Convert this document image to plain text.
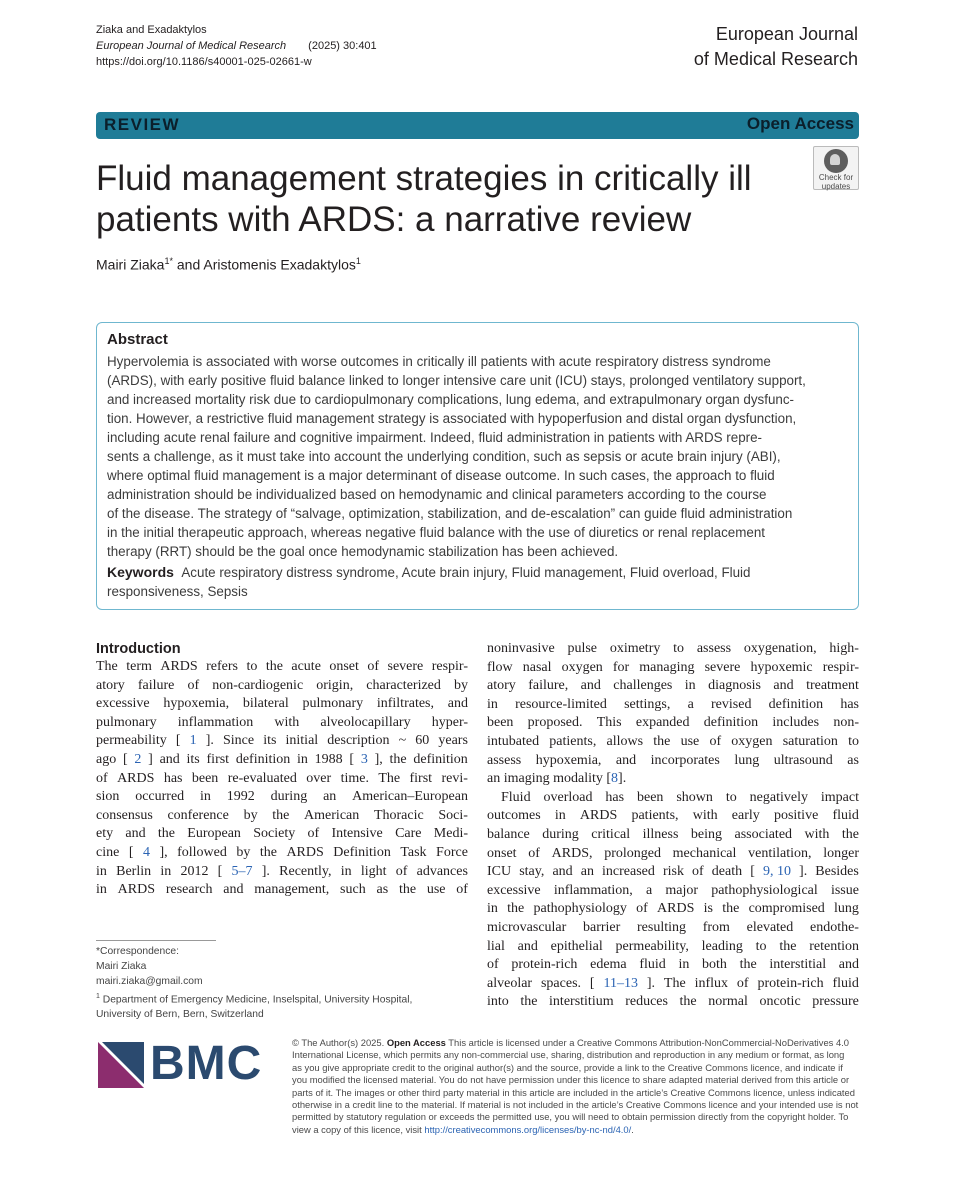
Ziaka and Exadaktylos
European Journal of Medical Research (2025) 30:401
https://doi.org/10.1186/s40001-025-02661-w
European Journal
of Medical Research
REVIEW	Open Access
Fluid management strategies in critically ill
patients with ARDS: a narrative review
Check for
updates
Mairi Ziaka$^{1*}$ and Aristomenis Exadaktylos$^1$
Abstract
Hypervolemia is associated with worse outcomes in critically ill patients with acute respiratory distress syndrome
(ARDS), with early positive fluid balance linked to longer intensive care unit (ICU) stays, prolonged ventilatory support,
and increased mortality risk due to cardiopulmonary complications, lung edema, and extrapulmonary organ dysfunc-
tion. However, a restrictive fluid management strategy is associated with hypoperfusion and distal organ dysfunction,
including acute renal failure and cognitive impairment. Indeed, fluid administration in patients with ARDS repre-
sents a challenge, as it must take into account the underlying condition, such as sepsis or acute brain injury (ABI),
where optimal fluid management is a major determinant of disease outcome. In such cases, the approach to fluid
administration should be individualized based on hemodynamic and clinical parameters according to the course
of the disease. The strategy of “salvage, optimization, stabilization, and de-escalation” can guide fluid administration
in the initial therapeutic approach, whereas negative fluid balance with the use of diuretics or renal replacement
therapy (RRT) should be the goal once hemodynamic stabilization has been achieved.
Keywords Acute respiratory distress syndrome, Acute brain injury, Fluid management, Fluid overload, Fluid
responsiveness, Sepsis
Introduction
The term ARDS refers to the acute onset of severe respir-
atory failure of non-cardiogenic origin, characterized by
excessive hypoxemia, bilateral pulmonary infiltrates, and
pulmonary inflammation with alveolocapillary hyper-
permeability [ 1 ]. Since its initial description ~ 60 years
ago [ 2 ] and its first definition in 1988 [ 3 ], the definition
of ARDS has been re-evaluated over time. The first revi-
sion occurred in 1992 during an American–European
consensus conference by the American Thoracic Soci-
ety and the European Society of Intensive Care Medi-
cine [ 4 ], followed by the ARDS Definition Task Force
in Berlin in 2012 [ 5–7 ]. Recently, in light of advances
in ARDS research and management, such as the use of
noninvasive pulse oximetry to assess oxygenation, high-
flow nasal oxygen for managing severe hypoxemic respir-
atory failure, and challenges in diagnosis and treatment
in resource-limited settings, a revised definition has
been proposed. This expanded definition includes non-
intubated patients, allows the use of oxygen saturation to
assess hypoxemia, and incorporates lung ultrasound as
an imaging modality [ 8 ].
Fluid overload has been shown to negatively impact
outcomes in ARDS patients, with early positive fluid
balance during critical illness being associated with the
onset of ARDS, prolonged mechanical ventilation, longer
ICU stay, and an increased risk of death [ 9, 10 ]. Besides
excessive inflammation, a major pathophysiological issue
in the pathophysiology of ARDS is the compromised lung
microvascular barrier resulting from elevated endothe-
lial and epithelial permeability, leading to the retention
of protein-rich edema fluid in both the interstitial and
alveolar spaces. [ 11–13 ]. The influx of protein-rich fluid
into the interstitium reduces the normal oncotic pressure
*Correspondence:
Mairi Ziaka
mairi.ziaka@gmail.com
$^1$ Department of Emergency Medicine, Inselspital, University Hospital,
University of Bern, Bern, Switzerland
BMC	© The Author(s) 2025. Open Access This article is licensed under a Creative Commons Attribution-NonCommercial-NoDerivatives 4.0
International License, which permits any non-commercial use, sharing, distribution and reproduction in any medium or format, as long
as you give appropriate credit to the original author(s) and the source, provide a link to the Creative Commons licence, and indicate if
you modified the licensed material. You do not have permission under this licence to share adapted material derived from this article or
parts of it. The images or other third party material in this article are included in the article’s Creative Commons licence, unless indicated
otherwise in a credit line to the material. If material is not included in the article’s Creative Commons licence and your intended use is not
permitted by statutory regulation or exceeds the permitted use, you will need to obtain permission directly from the copyright holder. To
view a copy of this licence, visit http://creativecommons.org/licenses/by-nc-nd/4.0/.
